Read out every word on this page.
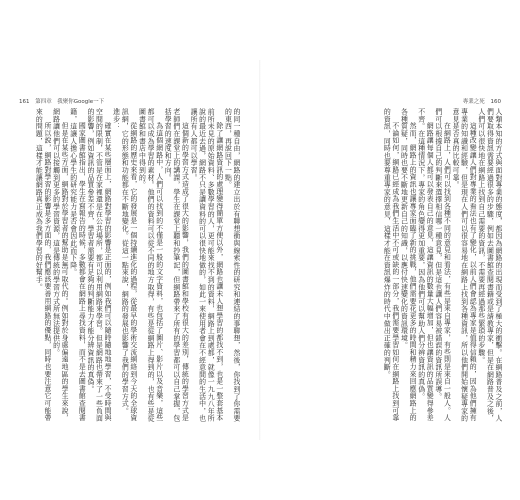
161 第四章　我聚你Google一下

的同一種自由，網路的建立出於有聯想衝與線索性的研究和連結的事聯想，然後，你找到了你需要的東西，再說回下一點。

除了讓網路資訊的處理變得簡單方便以外，網路也讓未人想學習的都找不到，也是一整套基本前所未見的原始資料、多數學習的人，更可能來找不到的資料，網路上到處都，就像一九九八年所說的最近去過，網路不只是讓資料的可以很快地做的，如此一來使用者會在不經意間的生活中，也讓所有人都可以學習。

這個新的學習方式造成了很大的影響，我們的圖書館和學校有很大的差別，傳統的學習方式是老師們在課堂上的講課，學生在課堂上聽和抄筆記，但網路帶來了所有的學習都可以自己掌握，包括學習的速度和方向。

為這個網路中，人們可以找到的不僅是一般的文字資料，也包括了圖片、影片以及音樂，這些都可以成為學習的素材。他們的資料可以從不同的地方取得，有些是從網路上得到的，也有些是從圖書館和書店中得到的。

從網路的歷史來看，它的發展是一個持續進化的過程，從最早的學術交流網絡到今天的全球資訊網，它的形態和功能都在不斷地變化。從這一點來說，網路的發展也影響了我們的學習方式。

進步：

確實在某些層面上，網路對學習的影響是正面的，例如我們可以隨時隨地地學習，不受時間與空間的限制，不管是在家裡還是在公共場所，都可以利用網路來學習。但是網路也帶來了一些負面的影響，例如資訊的品質參差不齊，學習者需要有足夠的判斷能力才能分辨資訊的真偽。

國家圖書館指出，學生在寫報告的時候，多數都會在網路上尋找資料，而不是去圖書館查閱書籍，這讓人擔心學生的研究能力是否會因此而下降。

但是在某些方面，網路對於學習者的幫助是無可取代的。例如對於身處偏遠地區的學生來說，網路讓他們可以接觸到更多的學習資源，這是傳統的學習方式所無法提供的。

所以說，網路對學習的影響是多方面的，我們應該要善用網路的優點，同時也要注意它可能帶來的問題，這樣才能讓網路真正成為我們學習的好幫手。

專業之死 160

人類本知的方式與面對專業的態度，都因為網路的出現而受到了極大的衝擊。在網路普及之前，人們要取得資訊需要經過很多的步驟，例如去圖書館查閱書籍或是請教專家，但是在網路普及之後，人們可以很快地在網路上找到自己需要的資訊，不需要再經過那些繁瑣的步驟。

這種改變讓人們對專業的看法也有了變化，以前人們會認為專家是值得信賴的，因為他們擁有專業的知識和經驗，但是現在人們可以很容易地在網路上找到各種資訊，所以他們開始懷疑專家的意見是否真的比較可靠。

在網路上，人們可以找到各種不同的意見和看法，有些是來自專家，有些則是來自一般人。人們可以根據自己的判斷來選擇相信哪一種意見，但是這也讓人們容易被錯誤的資訊所誤導。

網路讓每個人都可以發表自己的意見，這讓資訊的數量大幅增加，但也讓資訊的品質變得參差不齊。在這種情況下，專家的角色變得更加重要，因為他們可以幫助人們分辨資訊的真偽。

然而，網路上的資訊也讓專家面臨了新的挑戰，他們需要花更多的時間和精力來回應網路上的各種質疑，同時也要不斷地更新自己的知識，以應付快速變化的資訊環境。

不論如何，網路已經成為我們生活中不可或缺的一部分，我們需要學習如何在網路上找到可靠的資訊，同時也要尊重專家的意見，這樣才能在資訊爆炸的時代中做出正確的判斷。
